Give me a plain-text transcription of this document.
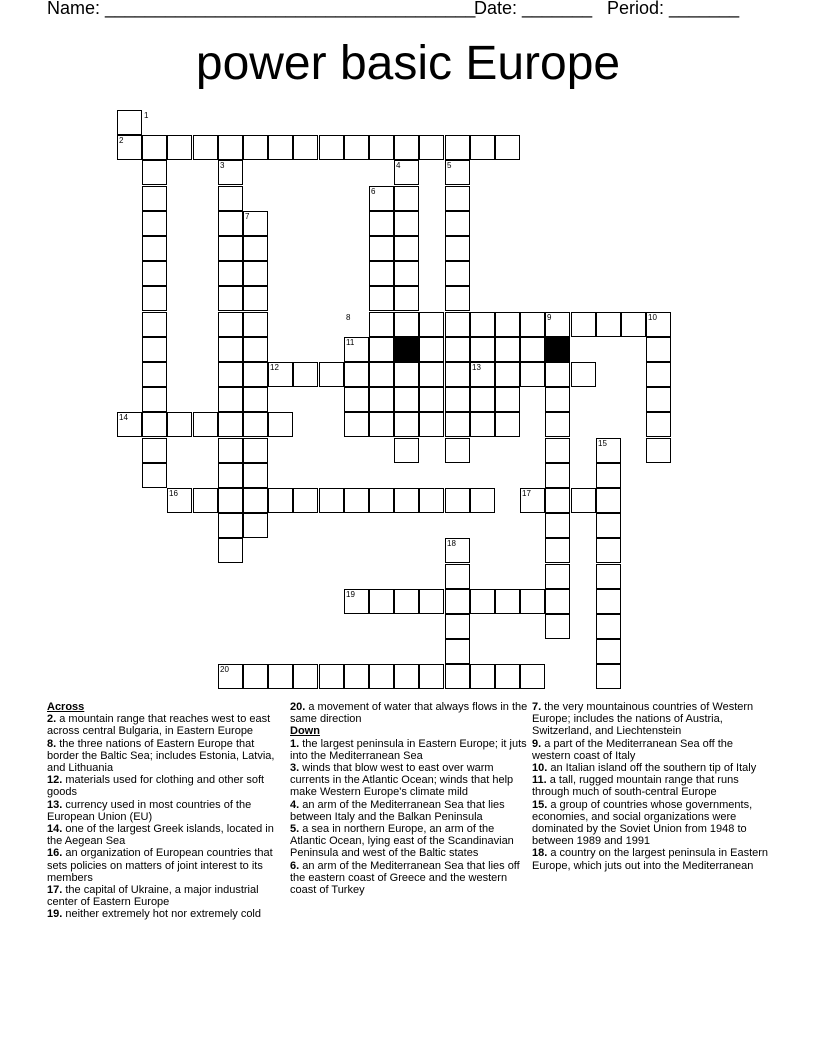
Name: _____________________________________
Date: _______ Period: _______
power basic Europe
1
2
3	4	5
6
7
8	9	10
11
12	13
14
15
16	17
18
19
20
Across
2. a mountain range that reaches west to east across central Bulgaria, in Eastern Europe
8. the three nations of Eastern Europe that border the Baltic Sea; includes Estonia, Latvia, and Lithuania
12. materials used for clothing and other soft goods
13. currency used in most countries of the European Union (EU)
14. one of the largest Greek islands, located in the Aegean Sea
16. an organization of European countries that sets policies on matters of joint interest to its members
17. the capital of Ukraine, a major industrial center of Eastern Europe
19. neither extremely hot nor extremely cold
20. a movement of water that always flows in the same direction
Down
1. the largest peninsula in Eastern Europe; it juts into the Mediterranean Sea
3. winds that blow west to east over warm currents in the Atlantic Ocean; winds that help make Western Europe's climate mild
4. an arm of the Mediterranean Sea that lies between Italy and the Balkan Peninsula
5. a sea in northern Europe, an arm of the Atlantic Ocean, lying east of the Scandinavian Peninsula and west of the Baltic states
6. an arm of the Mediterranean Sea that lies off the eastern coast of Greece and the western coast of Turkey
7. the very mountainous countries of Western Europe; includes the nations of Austria, Switzerland, and Liechtenstein
9. a part of the Mediterranean Sea off the western coast of Italy
10. an Italian island off the southern tip of Italy
11. a tall, rugged mountain range that runs through much of south-central Europe
15. a group of countries whose governments, economies, and social organizations were dominated by the Soviet Union from 1948 to between 1989 and 1991
18. a country on the largest peninsula in Eastern Europe, which juts out into the Mediterranean
